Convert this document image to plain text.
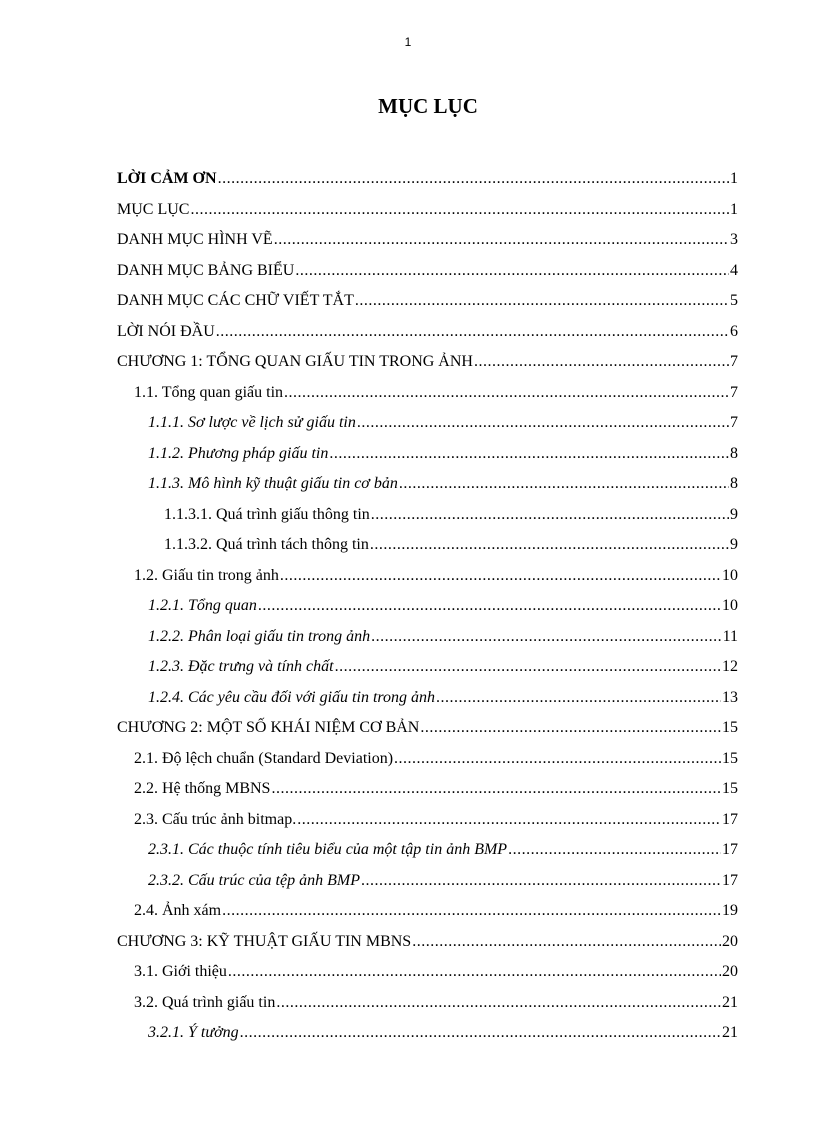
1
MỤC LỤC
LỜI CẢM ƠN .....	1
MỤC LỤC .....	1
DANH MỤC HÌNH VẼ .....	3
DANH MỤC BẢNG BIỂU .....	4
DANH MỤC CÁC CHỮ VIẾT TẮT .....	5
LỜI NÓI ĐẦU .....	6
CHƯƠNG 1: TỔNG QUAN GIẤU TIN TRONG ẢNH .....	7
1.1. Tổng quan giấu tin .....	7
1.1.1. Sơ lược về lịch sử giấu tin .....	7
1.1.2. Phương pháp giấu tin .....	8
1.1.3. Mô hình kỹ thuật giấu tin cơ bản .....	8
1.1.3.1. Quá trình giấu thông tin .....	9
1.1.3.2. Quá trình tách thông tin .....	9
1.2. Giấu tin trong ảnh .....	10
1.2.1. Tổng quan .....	10
1.2.2. Phân loại giấu tin trong ảnh .....	11
1.2.3. Đặc trưng và tính chất .....	12
1.2.4. Các yêu cầu đối với giấu tin trong ảnh .....	13
CHƯƠNG 2: MỘT SỐ KHÁI NIỆM CƠ BẢN .....	15
2.1. Độ lệch chuẩn (Standard Deviation) .....	15
2.2. Hệ thống MBNS .....	15
2.3. Cấu trúc ảnh bitmap. .....	17
2.3.1. Các thuộc tính tiêu biểu của một tập tin ảnh BMP .....	17
2.3.2. Cấu trúc của tệp ảnh BMP .....	17
2.4. Ảnh xám .....	19
CHƯƠNG 3: KỸ THUẬT GIẤU TIN MBNS .....	20
3.1. Giới thiệu .....	20
3.2. Quá trình giấu tin .....	21
3.2.1. Ý tưởng .....	21
